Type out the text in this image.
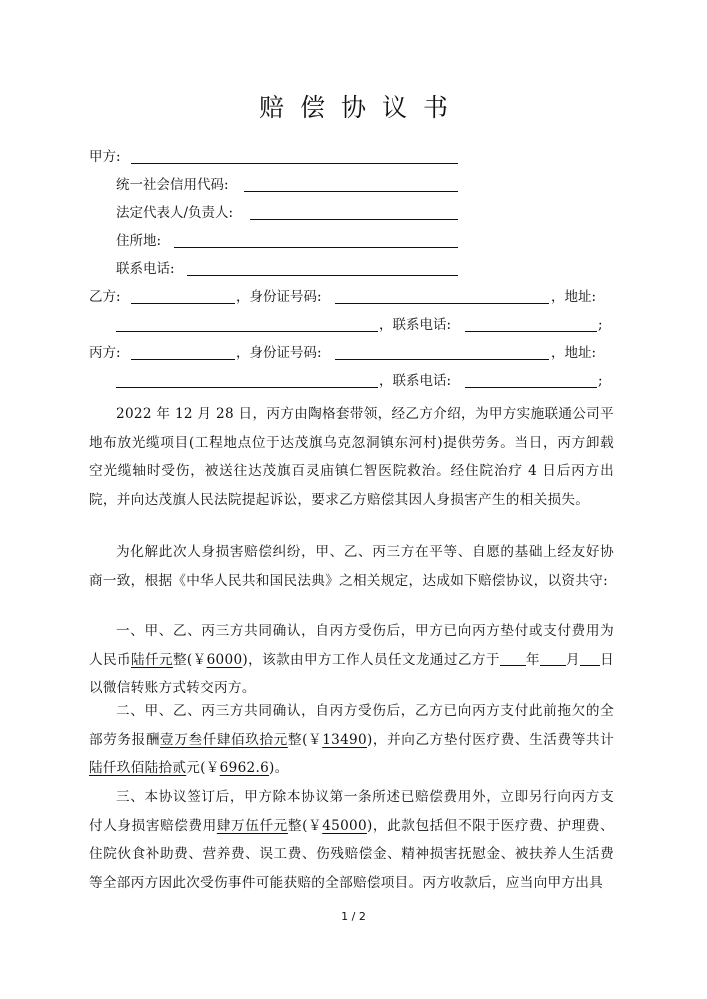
赔偿协议书
甲方:
统一社会信用代码:
法定代表人/负责人:
住所地:
联系电话:
乙方:	，身份证号码:	，地址:
，联系电话:	;
丙方:	，身份证号码:	，地址:
，联系电话:	;

2022 年 12 月 28 日，丙方由陶格套带领，经乙方介绍，为甲方实施联通公司平地布放光缆项目(工程地点位于达茂旗乌克忽洞镇东河村)提供劳务。当日，丙方卸载空光缆轴时受伤，被送往达茂旗百灵庙镇仁智医院救治。经住院治疗 4 日后丙方出院，并向达茂旗人民法院提起诉讼，要求乙方赔偿其因人身损害产生的相关损失。

为化解此次人身损害赔偿纠纷，甲、乙、丙三方在平等、自愿的基础上经友好协商一致，根据《中华人民共和国民法典》之相关规定，达成如下赔偿协议，以资共守:

一、甲、乙、丙三方共同确认，自丙方受伤后，甲方已向丙方垫付或支付费用为人民币陆仟元整(￥6000)，该款由甲方工作人员任文龙通过乙方于 年 月 日以微信转账方式转交丙方。

二、甲、乙、丙三方共同确认，自丙方受伤后，乙方已向丙方支付此前拖欠的全部劳务报酬壹万叁仟肆佰玖拾元整(￥13490)，并向乙方垫付医疗费、生活费等共计陆仟玖佰陆拾贰元(￥6962.6)。

三、本协议签订后，甲方除本协议第一条所述已赔偿费用外，立即另行向丙方支付人身损害赔偿费用肆万伍仟元整(￥45000)，此款包括但不限于医疗费、护理费、住院伙食补助费、营养费、误工费、伤残赔偿金、精神损害抚慰金、被扶养人生活费等全部丙方因此次受伤事件可能获赔的全部赔偿项目。丙方收款后，应当向甲方出具

1 / 2
